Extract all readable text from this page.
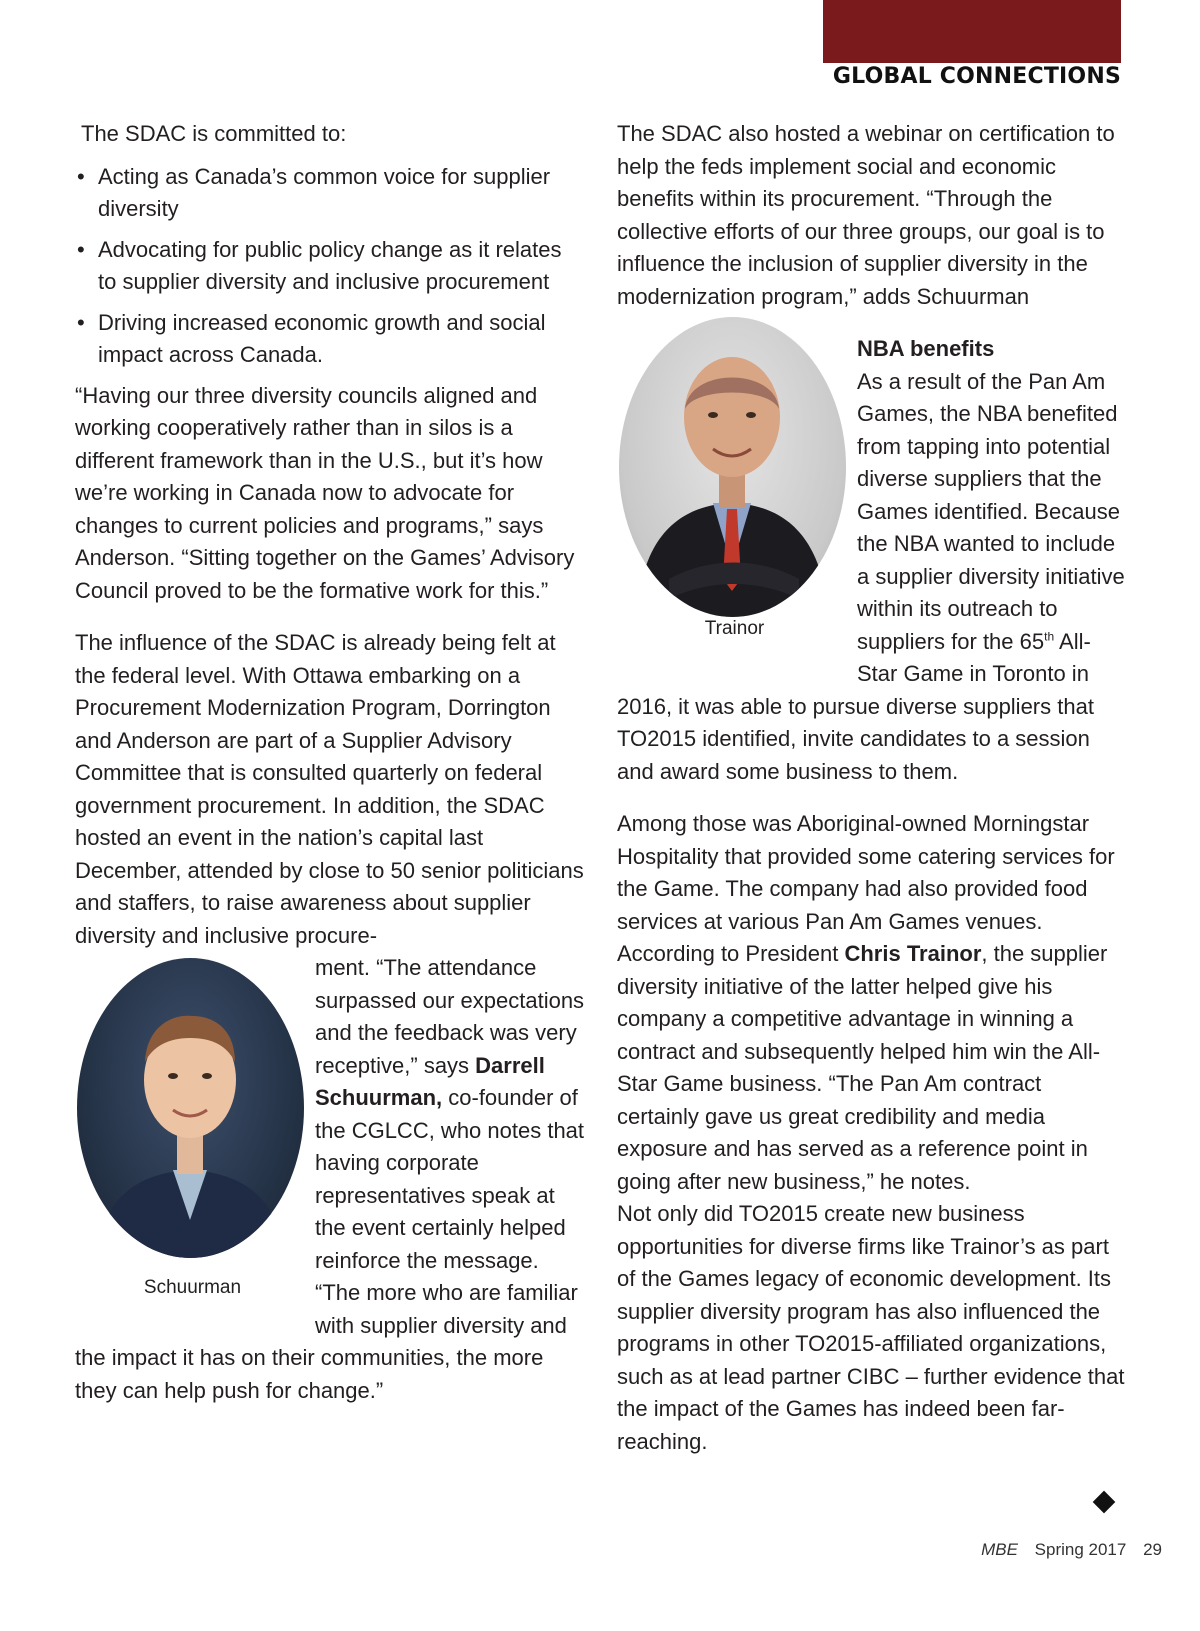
GLOBAL CONNECTIONS

The SDAC is committed to:

• Acting as Canada’s common voice for supplier diversity
• Advocating for public policy change as it relates to supplier diversity and inclusive procurement
• Driving increased economic growth and social impact across Canada.

“Having our three diversity councils aligned and working cooperatively rather than in silos is a different framework than in the U.S., but it’s how we’re working in Canada now to advocate for changes to current policies and programs,” says Anderson. “Sitting together on the Games’ Advisory Council proved to be the formative work for this.”

The influence of the SDAC is already being felt at the federal level. With Ottawa embarking on a Procurement Modernization Program, Dorrington and Anderson are part of a Supplier Advisory Committee that is consulted quarterly on federal government procurement. In addition, the SDAC hosted an event in the nation’s capital last December, attended by close to 50 senior politicians and staffers, to raise awareness about supplier diversity and inclusive procure-

Schuurman

ment. “The attendance surpassed our expectations and the feedback was very receptive,” says Darrell Schuurman, co-founder of the CGLCC, who notes that having corporate representatives speak at the event certainly helped reinforce the message. “The more who are familiar with supplier diversity and the impact it has on their communities, the more they can help push for change.”

The SDAC also hosted a webinar on certification to help the feds implement social and economic benefits within its procurement. “Through the collective efforts of our three groups, our goal is to influence the inclusion of supplier diversity in the modernization program,” adds Schuurman

Trainor

NBA benefits

As a result of the Pan Am Games, the NBA benefited from tapping into potential diverse suppliers that the Games identified. Because the NBA wanted to include a supplier diversity initiative within its outreach to suppliers for the 65th All-Star Game in Toronto in 2016, it was able to pursue diverse suppliers that TO2015 identified, invite candidates to a session and award some business to them.

Among those was Aboriginal-owned Morningstar Hospitality that provided some catering services for the Game. The company had also provided food services at various Pan Am Games venues. According to President Chris Trainor, the supplier diversity initiative of the latter helped give his company a competitive advantage in winning a contract and subsequently helped him win the All-Star Game business. “The Pan Am contract certainly gave us great credibility and media exposure and has served as a reference point in going after new business,” he notes.

Not only did TO2015 create new business opportunities for diverse firms like Trainor’s as part of the Games legacy of economic development. Its supplier diversity program has also influenced the programs in other TO2015-affiliated organizations, such as at lead partner CIBC – further evidence that the impact of the Games has indeed been far-reaching.

MBE Spring 2017 29
